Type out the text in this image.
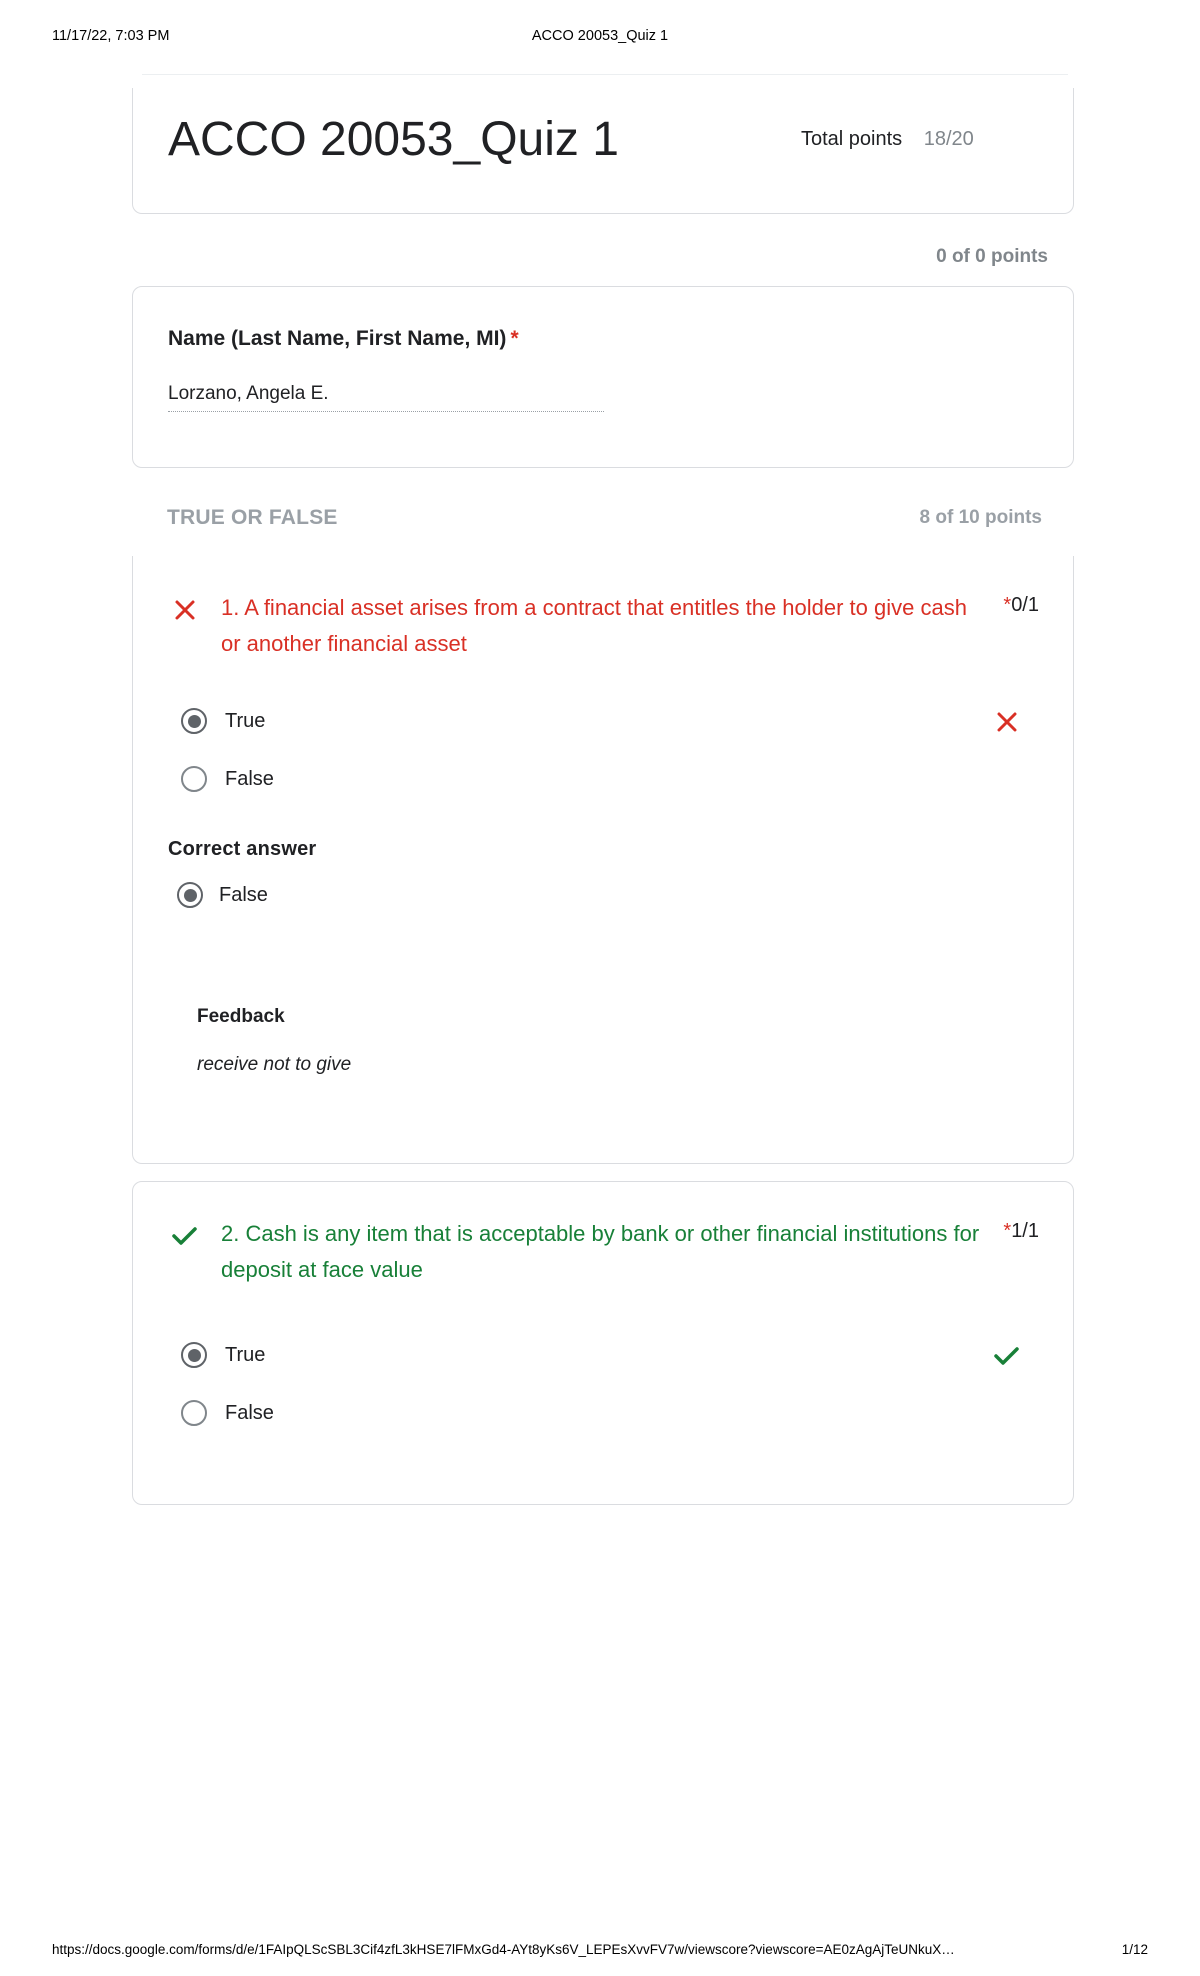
11/17/22, 7:03 PM	ACCO 20053_Quiz 1
ACCO 20053_Quiz 1	Total points 18/20
0 of 0 points
Name (Last Name, First Name, MI) *
Lorzano, Angela E.
TRUE OR FALSE	8 of 10 points
1. A financial asset arises from a contract that entitles the holder to give cash or another financial asset
*0/1
True
False
Correct answer
False
Feedback
receive not to give
2. Cash is any item that is acceptable by bank or other financial institutions for deposit at face value
*1/1
True
False
https://docs.google.com/forms/d/e/1FAIpQLScSBL3Cif4zfL3kHSE7lFMxGd4-AYt8yKs6V_LEPEsXvvFV7w/viewscore?viewscore=AE0zAgAjTeUNkuX…	1/12
